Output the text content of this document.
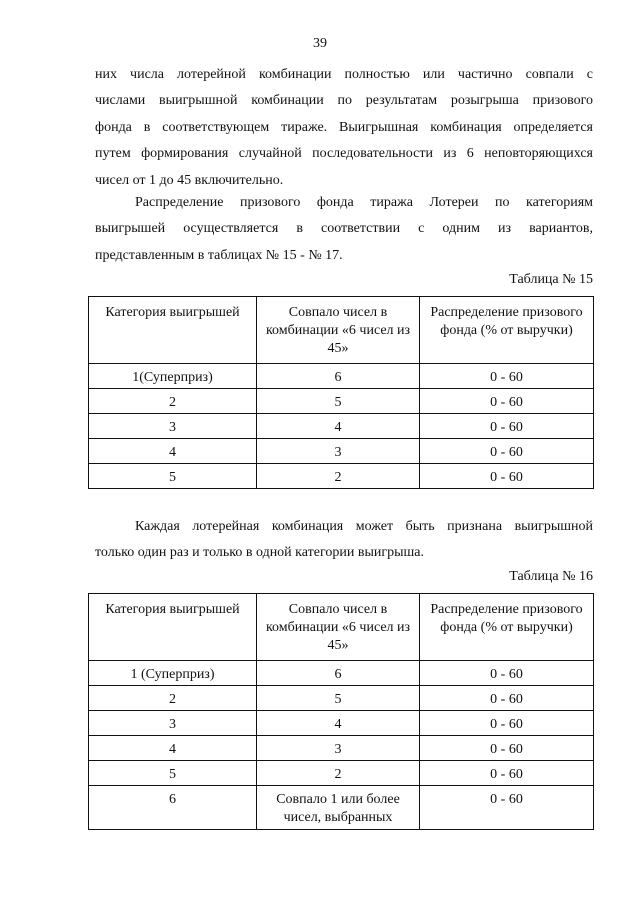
39

них числа лотерейной комбинации полностью или частично совпали с

числами выигрышной комбинации по результатам розыгрыша призового

фонда в соответствующем тираже. Выигрышная комбинация определяется

путем формирования случайной последовательности из 6 неповторяющихся

чисел от 1 до 45 включительно.

Распределение призового фонда тиража Лотереи по категориям

выигрышей осуществляется в соответствии с одним из вариантов,

представленным в таблицах № 15 - № 17.

Таблица № 15
Категория выигрышей	Совпало чисел в комбинации «6 чисел из 45»	Распределение призового фонда (% от выручки)
1(Суперприз)	6	0 - 60
2	5	0 - 60
3	4	0 - 60
4	3	0 - 60
5	2	0 - 60

Каждая лотерейная комбинация может быть признана выигрышной

только один раз и только в одной категории выигрыша.

Таблица № 16
Категория выигрышей	Совпало чисел в комбинации «6 чисел из 45»	Распределение призового фонда (% от выручки)
1 (Суперприз)	6	0 - 60
2	5	0 - 60
3	4	0 - 60
4	3	0 - 60
5	2	0 - 60
6	Совпало 1 или более чисел, выбранных	0 - 60
